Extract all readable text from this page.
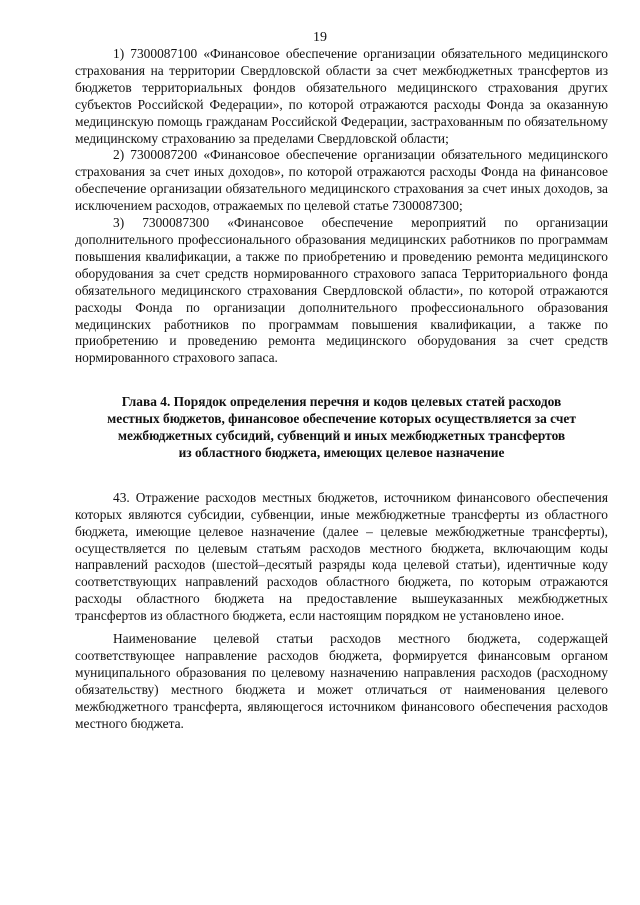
19

1) 7300087100 «Финансовое обеспечение организации обязательного медицинского страхования на территории Свердловской области за счет межбюджетных трансфертов из бюджетов территориальных фондов обязательного медицинского страхования других субъектов Российской Федерации», по которой отражаются расходы Фонда за оказанную медицинскую помощь гражданам Российской Федерации, застрахованным по обязательному медицинскому страхованию за пределами Свердловской области;

2) 7300087200 «Финансовое обеспечение организации обязательного медицинского страхования за счет иных доходов», по которой отражаются расходы Фонда на финансовое обеспечение организации обязательного медицинского страхования за счет иных доходов, за исключением расходов, отражаемых по целевой статье 7300087300;

3) 7300087300 «Финансовое обеспечение мероприятий по организации дополнительного профессионального образования медицинских работников по программам повышения квалификации, а также по приобретению и проведению ремонта медицинского оборудования за счет средств нормированного страхового запаса Территориального фонда обязательного медицинского страхования Свердловской области», по которой отражаются расходы Фонда по организации дополнительного профессионального образования медицинских работников по программам повышения квалификации, а также по приобретению и проведению ремонта медицинского оборудования за счет средств нормированного страхового запаса.

Глава 4. Порядок определения перечня и кодов целевых статей расходов
местных бюджетов, финансовое обеспечение которых осуществляется за счет
межбюджетных субсидий, субвенций и иных межбюджетных трансфертов
из областного бюджета, имеющих целевое назначение

43. Отражение расходов местных бюджетов, источником финансового обеспечения которых являются субсидии, субвенции, иные межбюджетные трансферты из областного бюджета, имеющие целевое назначение (далее – целевые межбюджетные трансферты), осуществляется по целевым статьям расходов местного бюджета, включающим коды направлений расходов (шестой–десятый разряды кода целевой статьи), идентичные коду соответствующих направлений расходов областного бюджета, по которым отражаются расходы областного бюджета на предоставление вышеуказанных межбюджетных трансфертов из областного бюджета, если настоящим порядком не установлено иное.

Наименование целевой статьи расходов местного бюджета, содержащей соответствующее направление расходов бюджета, формируется финансовым органом муниципального образования по целевому назначению направления расходов (расходному обязательству) местного бюджета и может отличаться от наименования целевого межбюджетного трансферта, являющегося источником финансового обеспечения расходов местного бюджета.
